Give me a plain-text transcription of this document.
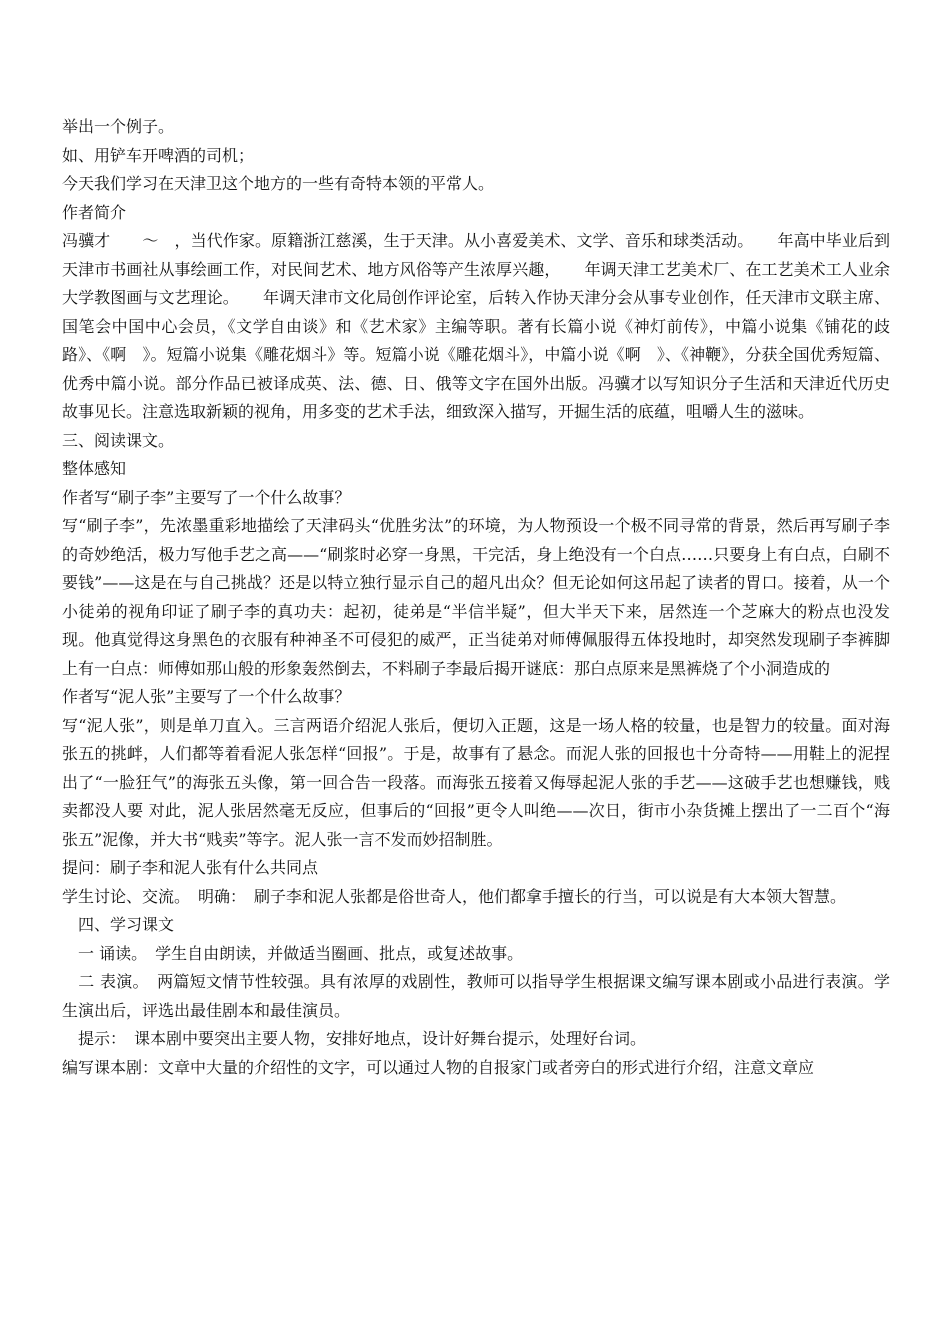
举出一个例子。

如、用铲车开啤酒的司机；

今天我们学习在天津卫这个地方的一些有奇特本领的平常人。

作者简介

冯骥才　　～　，当代作家。原籍浙江慈溪，生于天津。从小喜爱美术、文学、音乐和球类活动。　　年高中毕业后到天津市书画社从事绘画工作，对民间艺术、地方风俗等产生浓厚兴趣，　　年调天津工艺美术厂、在工艺美术工人业余大学教图画与文艺理论。　　年调天津市文化局创作评论室，后转入作协天津分会从事专业创作，任天津市文联主席、国笔会中国中心会员，《文学自由谈》和《艺术家》主编等职。著有长篇小说《神灯前传》，中篇小说集《铺花的歧路》、《啊　》。短篇小说集《雕花烟斗》等。短篇小说《雕花烟斗》，中篇小说《啊　》、《神鞭》，分获全国优秀短篇、优秀中篇小说。部分作品已被译成英、法、德、日、俄等文字在国外出版。冯骥才以写知识分子生活和天津近代历史故事见长。注意选取新颖的视角，用多变的艺术手法，细致深入描写，开掘生活的底蕴，咀嚼人生的滋味。

三、阅读课文。

整体感知

作者写“刷子李”主要写了一个什么故事？

写“刷子李”，先浓墨重彩地描绘了天津码头“优胜劣汰”的环境，为人物预设一个极不同寻常的背景，然后再写刷子李的奇妙绝活，极力写他手艺之高——“刷浆时必穿一身黑，干完活，身上绝没有一个白点……只要身上有白点，白刷不要钱”——这是在与自己挑战？还是以特立独行显示自己的超凡出众？但无论如何这吊起了读者的胃口。接着，从一个小徒弟的视角印证了刷子李的真功夫：起初，徒弟是“半信半疑”，但大半天下来，居然连一个芝麻大的粉点也没发现。他真觉得这身黑色的衣服有种神圣不可侵犯的威严，正当徒弟对师傅佩服得五体投地时，却突然发现刷子李裤脚上有一白点：师傅如那山般的形象轰然倒去，不料刷子李最后揭开谜底：那白点原来是黑裤烧了个小洞造成的

作者写“泥人张”主要写了一个什么故事？

写“泥人张”，则是单刀直入。三言两语介绍泥人张后，便切入正题，这是一场人格的较量，也是智力的较量。面对海张五的挑衅，人们都等着看泥人张怎样“回报”。于是，故事有了悬念。而泥人张的回报也十分奇特——用鞋上的泥捏出了“一脸狂气”的海张五头像，第一回合告一段落。而海张五接着又侮辱起泥人张的手艺——这破手艺也想赚钱，贱卖都没人要 对此，泥人张居然毫无反应，但事后的“回报”更令人叫绝——次日，街市小杂货摊上摆出了一二百个“海张五”泥像，并大书“贱卖”等字。泥人张一言不发而妙招制胜。

提问：刷子李和泥人张有什么共同点

学生讨论、交流。　明确：　刷子李和泥人张都是俗世奇人，他们都拿手擅长的行当，可以说是有大本领大智慧。

　四、学习课文

　一 诵读。　学生自由朗读，并做适当圈画、批点，或复述故事。

　二 表演。　两篇短文情节性较强。具有浓厚的戏剧性，教师可以指导学生根据课文编写课本剧或小品进行表演。学生演出后，评选出最佳剧本和最佳演员。

　提示：　课本剧中要突出主要人物，安排好地点，设计好舞台提示，处理好台词。

编写课本剧：文章中大量的介绍性的文字，可以通过人物的自报家门或者旁白的形式进行介绍，注意文章应
